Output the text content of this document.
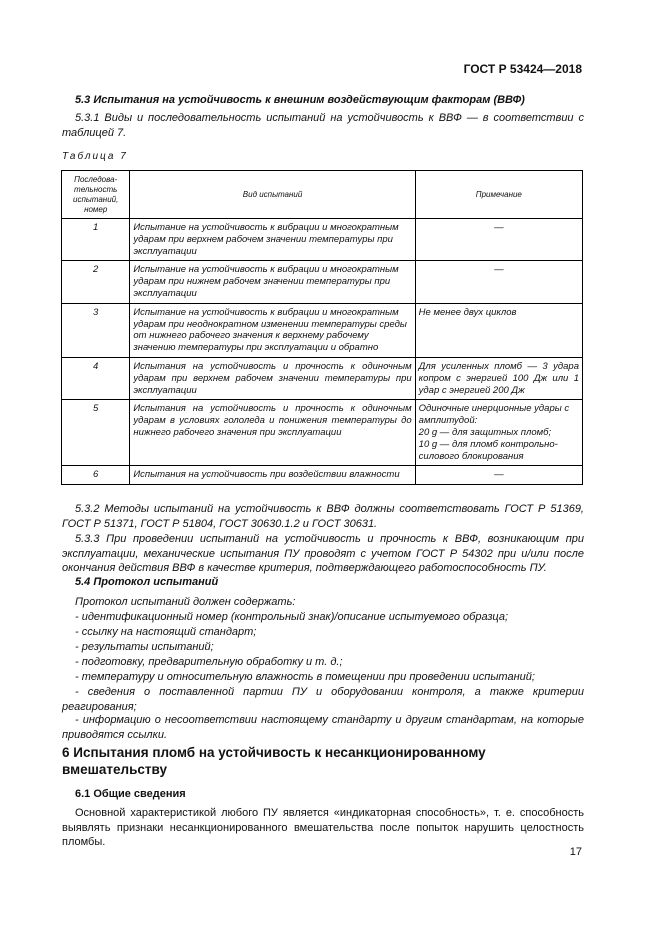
ГОСТ Р 53424—2018
5.3 Испытания на устойчивость к внешним воздействующим факторам (ВВФ)
5.3.1 Виды и последовательность испытаний на устойчивость к ВВФ — в соответствии с таблицей 7.
Таблица 7
Последова-тельность испытаний, номер	Вид испытаний	Примечание
1	Испытание на устойчивость к вибрации и многократным ударам при верхнем рабочем значении температуры при эксплуатации	—
2	Испытание на устойчивость к вибрации и многократным ударам при нижнем рабочем значении температуры при эксплуатации	—
3	Испытание на устойчивость к вибрации и многократным ударам при неоднократном изменении температуры среды от нижнего рабочего значения к верхнему рабочему значению температуры при эксплуатации и обратно	Не менее двух циклов
4	Испытания на устойчивость и прочность к одиночным ударам при верхнем рабочем значении температуры при эксплуатации	Для усиленных пломб — 3 удара копром с энергией 100 Дж или 1 удар с энергией 200 Дж
5	Испытания на устойчивость и прочность к одиночным ударам в условиях гололеда и понижения температуры до нижнего рабочего значения при эксплуатации	Одиночные инерционные удары с амплитудой:
20 g — для защитных пломб;
10 g — для пломб контрольно-силового блокирования

6	Испытания на устойчивость при воздействии влажности	—
5.3.2 Методы испытаний на устойчивость к ВВФ должны соответствовать ГОСТ Р 51369, ГОСТ Р 51371, ГОСТ Р 51804, ГОСТ 30630.1.2 и ГОСТ 30631.
5.3.3 При проведении испытаний на устойчивость и прочность к ВВФ, возникающим при эксплуатации, механические испытания ПУ проводят с учетом ГОСТ Р 54302 при и/или после окончания действия ВВФ в качестве критерия, подтверждающего работоспособность ПУ.
5.4 Протокол испытаний
Протокол испытаний должен содержать:
- идентификационный номер (контрольный знак)/описание испытуемого образца;
- ссылку на настоящий стандарт;
- результаты испытаний;
- подготовку, предварительную обработку и т. д.;
- температуру и относительную влажность в помещении при проведении испытаний;
- сведения о поставленной партии ПУ и оборудовании контроля, а также критерии реагирования;
- информацию о несоответствии настоящему стандарту и другим стандартам, на которые приводятся ссылки.
6 Испытания пломб на устойчивость к несанкционированному вмешательству
6.1 Общие сведения
Основной характеристикой любого ПУ является «индикаторная способность», т. е. способность выявлять признаки несанкционированного вмешательства после попыток нарушить целостность пломбы.
17
